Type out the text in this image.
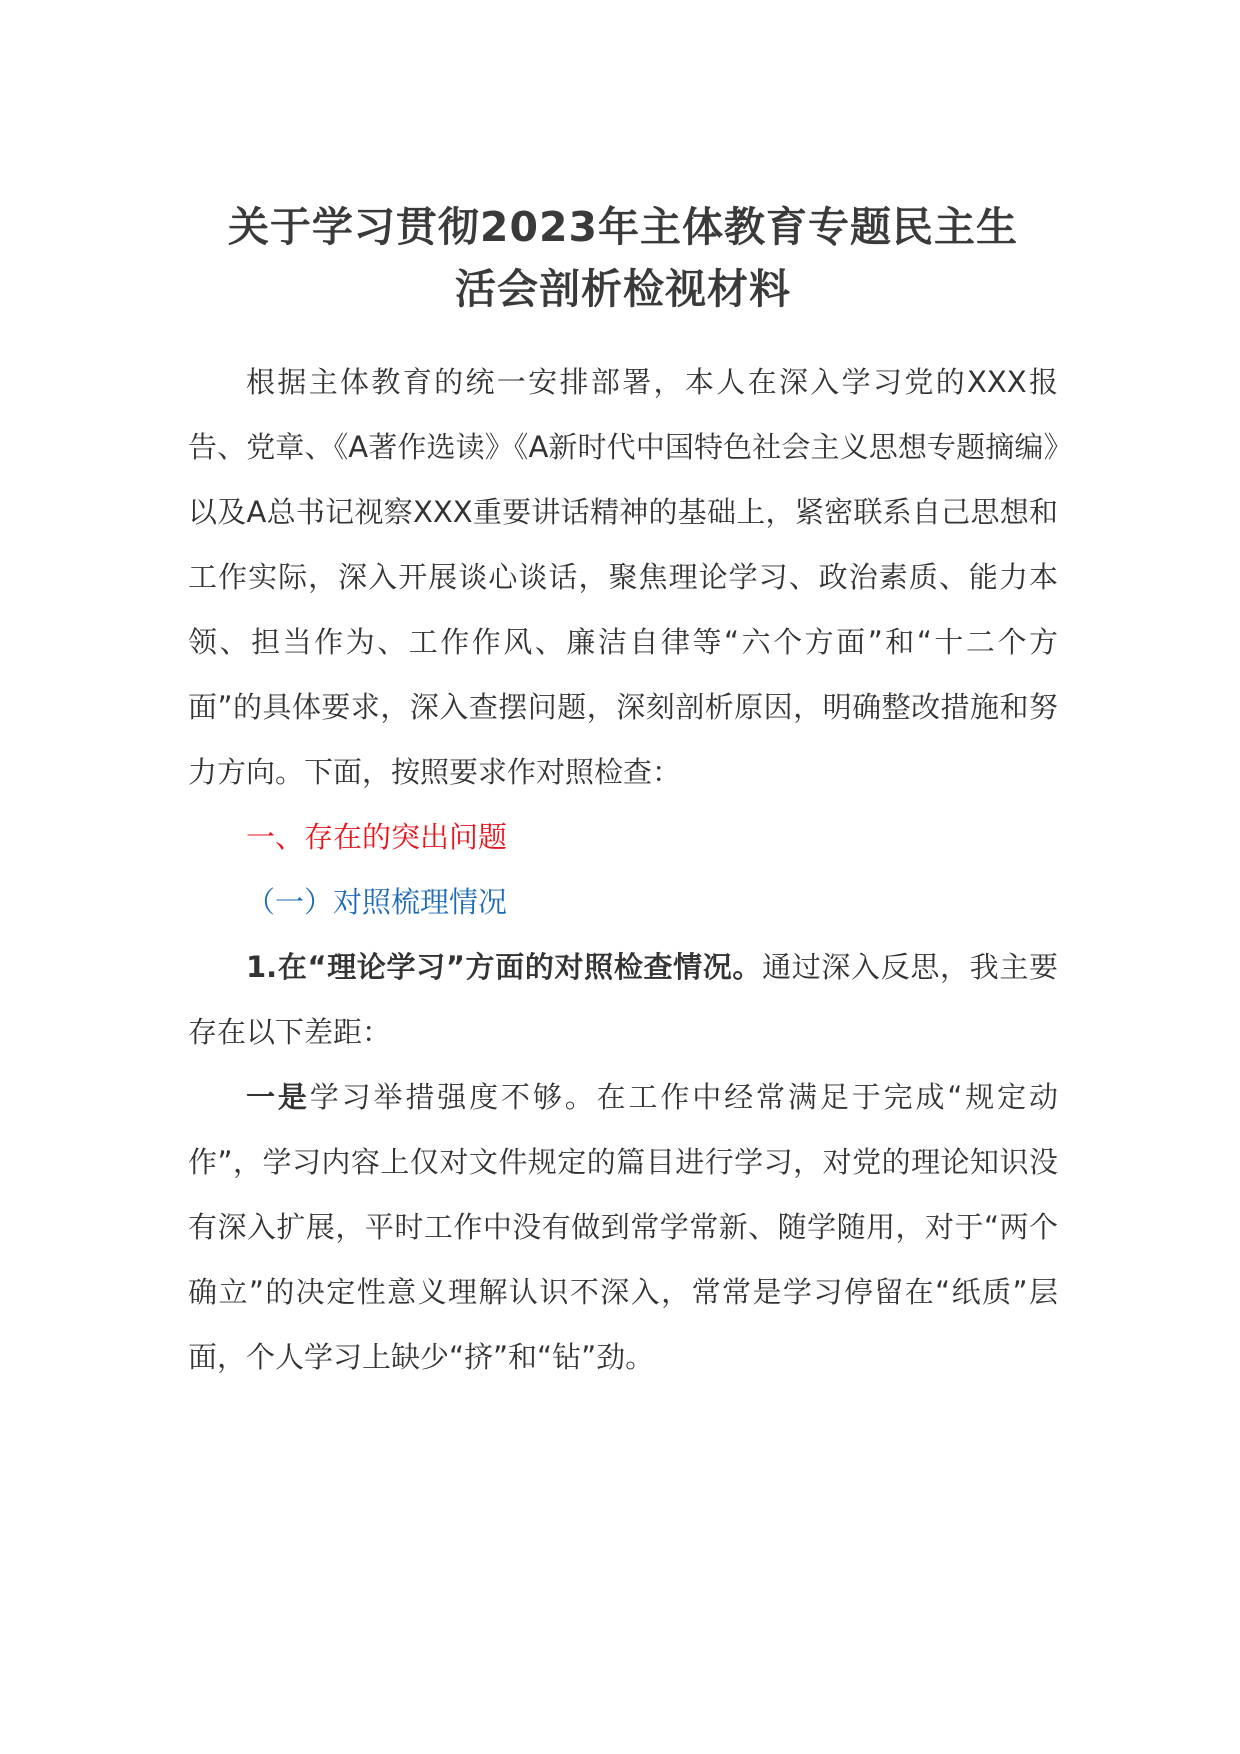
关于学习贯彻2023年主体教育专题民主生
活会剖析检视材料

根据主体教育的统一安排部署，本人在深入学习党的XXX报告、党章、《A著作选读》《A新时代中国特色社会主义思想专题摘编》以及A总书记视察XXX重要讲话精神的基础上，紧密联系自己思想和工作实际，深入开展谈心谈话，聚焦理论学习、政治素质、能力本领、担当作为、工作作风、廉洁自律等“六个方面”和“十二个方面”的具体要求，深入查摆问题，深刻剖析原因，明确整改措施和努力方向。下面，按照要求作对照检查：

一、存在的突出问题

（一）对照梳理情况

1.在“理论学习”方面的对照检查情况。通过深入反思，我主要存在以下差距：

一是学习举措强度不够。在工作中经常满足于完成“规定动作”，学习内容上仅对文件规定的篇目进行学习，对党的理论知识没有深入扩展，平时工作中没有做到常学常新、随学随用，对于“两个确立”的决定性意义理解认识不深入，常常是学习停留在“纸质”层面，个人学习上缺少“挤”和“钻”劲。
